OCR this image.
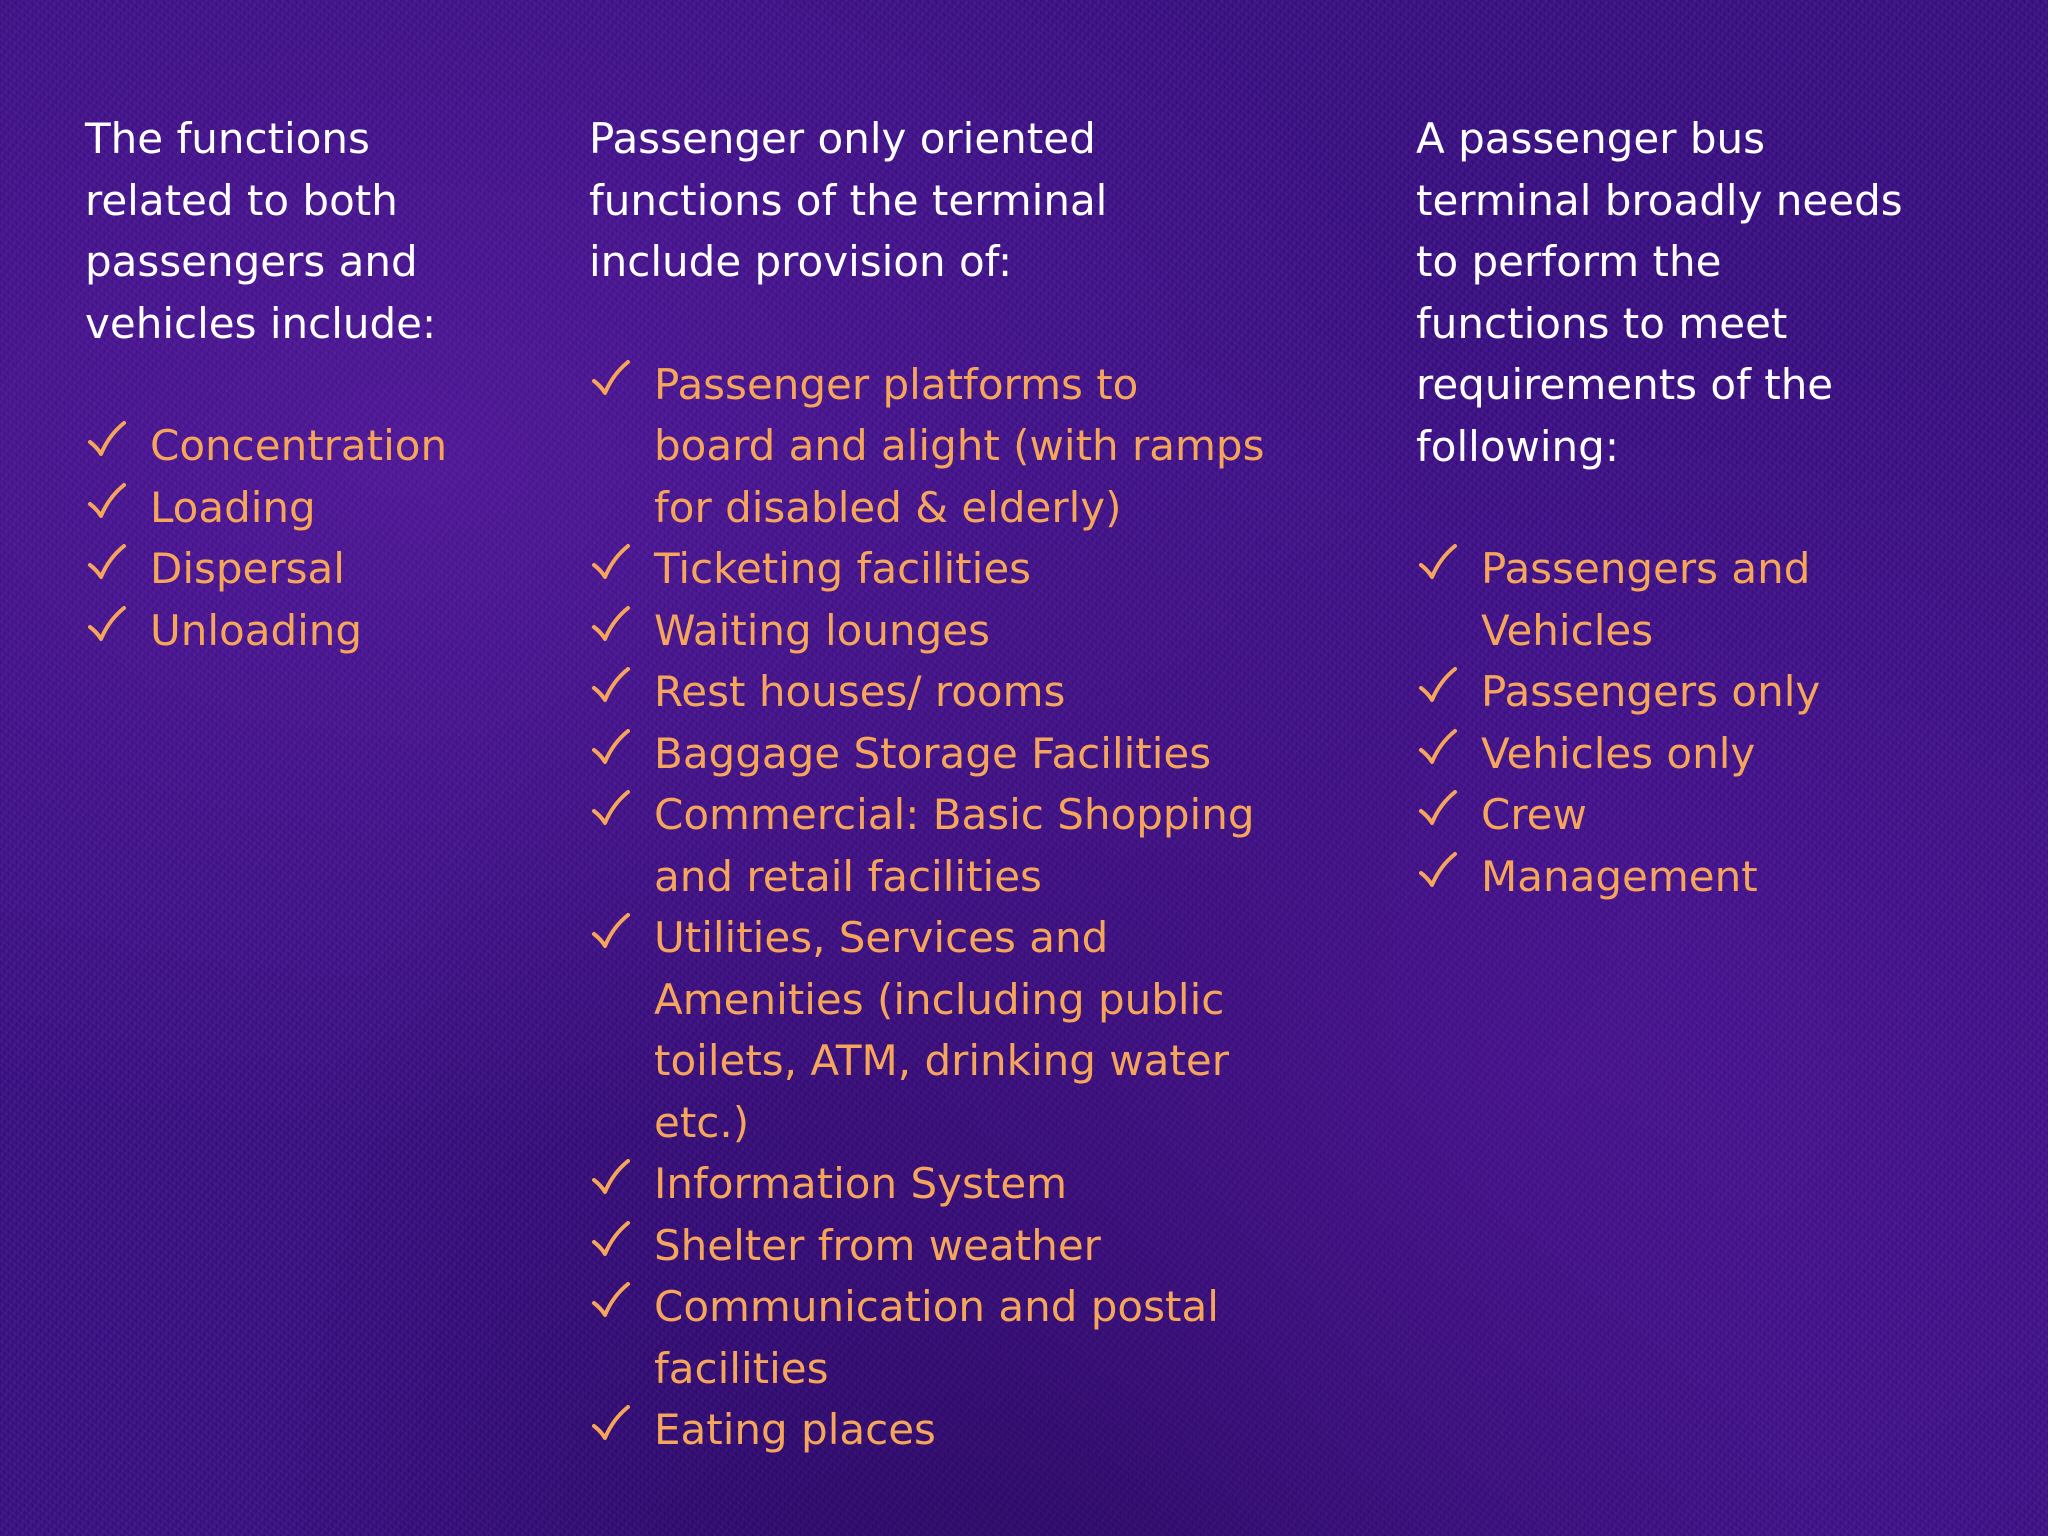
The functions
related to both
passengers and
vehicles include:

Concentration
Loading
Dispersal
Unloading

Passenger only oriented
functions of the terminal
include provision of:

Passenger platforms to
board and alight (with ramps
for disabled & elderly)
Ticketing facilities
Waiting lounges
Rest houses/ rooms
Baggage Storage Facilities
Commercial: Basic Shopping
and retail facilities
Utilities, Services and
Amenities (including public
toilets, ATM, drinking water
etc.)
Information System
Shelter from weather
Communication and postal
facilities
Eating places

A passenger bus
terminal broadly needs
to perform the
functions to meet
requirements of the
following:

Passengers and
Vehicles
Passengers only
Vehicles only
Crew
Management
